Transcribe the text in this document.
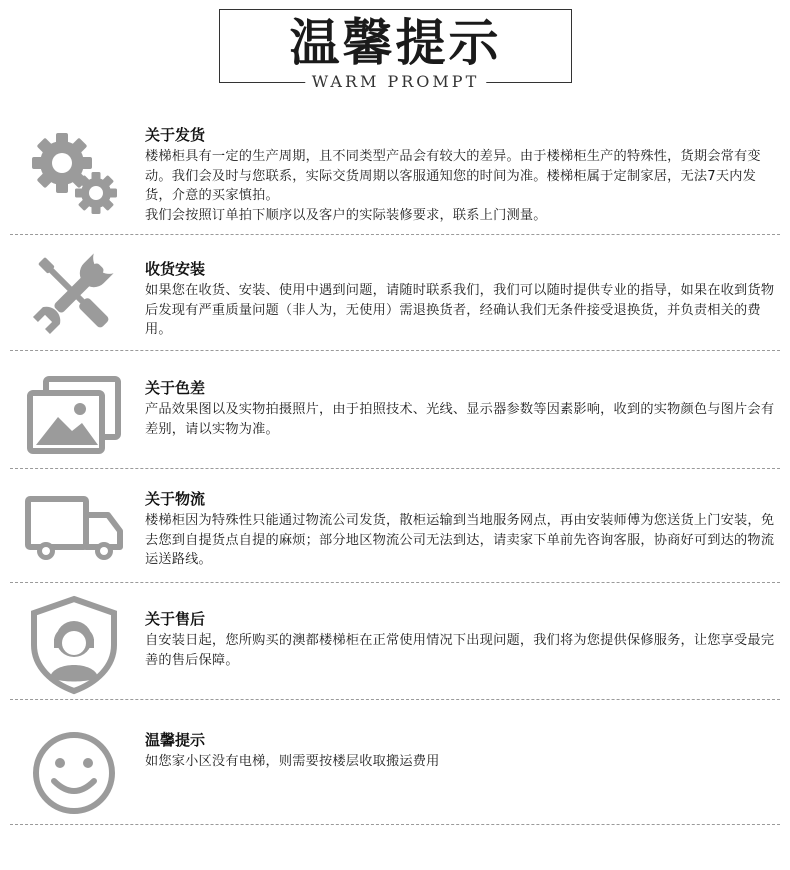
温馨提示
WARM PROMPT
关于发货
楼梯柜具有一定的生产周期，且不同类型产品会有较大的差异。由于楼梯柜生产的特殊性，货期会常有变动。我们会及时与您联系，实际交货周期以客服通知您的时间为准。楼梯柜属于定制家居，无法7天内发货，介意的买家慎拍。
我们会按照订单拍下顺序以及客户的实际装修要求，联系上门测量。
收货安装
如果您在收货、安装、使用中遇到问题，请随时联系我们，我们可以随时提供专业的指导，如果在收到货物后发现有严重质量问题（非人为，无使用）需退换货者，经确认我们无条件接受退换货，并负责相关的费用。
关于色差
产品效果图以及实物拍摄照片，由于拍照技术、光线、显示器参数等因素影响，收到的实物颜色与图片会有差别，请以实物为准。
关于物流
楼梯柜因为特殊性只能通过物流公司发货，散柜运输到当地服务网点，再由安装师傅为您送货上门安装，免去您到自提货点自提的麻烦；部分地区物流公司无法到达，请卖家下单前先咨询客服，协商好可到达的物流运送路线。
关于售后
自安装日起，您所购买的澳都楼梯柜在正常使用情况下出现问题，我们将为您提供保修服务，让您享受最完善的售后保障。
温馨提示
如您家小区没有电梯，则需要按楼层收取搬运费用
